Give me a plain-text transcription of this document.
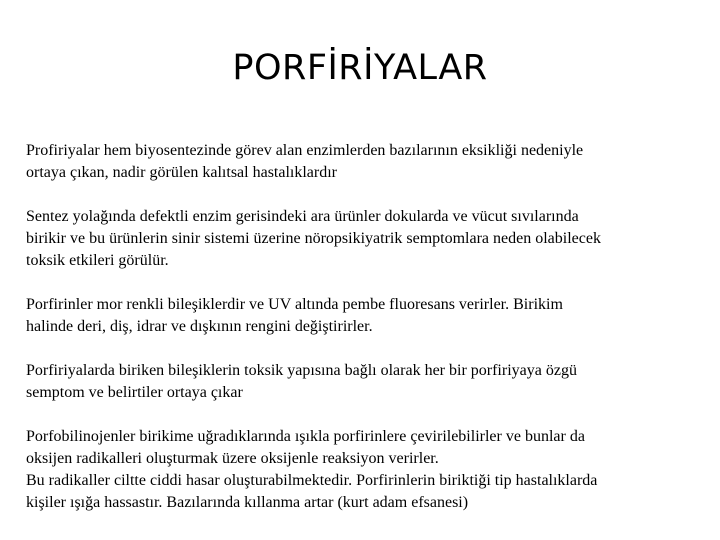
PORFİRİYALAR

Profiriyalar hem biyosentezinde görev alan enzimlerden bazılarının eksikliği nedeniyle
ortaya çıkan, nadir görülen kalıtsal hastalıklardır

Sentez yolağında defektli enzim gerisindeki ara ürünler dokularda ve vücut sıvılarında
birikir ve bu ürünlerin sinir sistemi üzerine nöropsikiyatrik semptomlara neden olabilecek
toksik etkileri görülür.

Porfirinler mor renkli bileşiklerdir ve UV altında pembe fluoresans verirler. Birikim
halinde deri, diş, idrar ve dışkının rengini değiştirirler.

Porfiriyalarda biriken bileşiklerin toksik yapısına bağlı olarak her bir porfiriyaya özgü
semptom ve belirtiler ortaya çıkar

Porfobilinojenler birikime uğradıklarında ışıkla porfirinlere çevirilebilirler ve bunlar da
oksijen radikalleri oluşturmak üzere oksijenle reaksiyon verirler.
Bu radikaller ciltte ciddi hasar oluşturabilmektedir. Porfirinlerin biriktiği tip hastalıklarda
kişiler ışığa hassastır. Bazılarında kıllanma artar (kurt adam efsanesi)
